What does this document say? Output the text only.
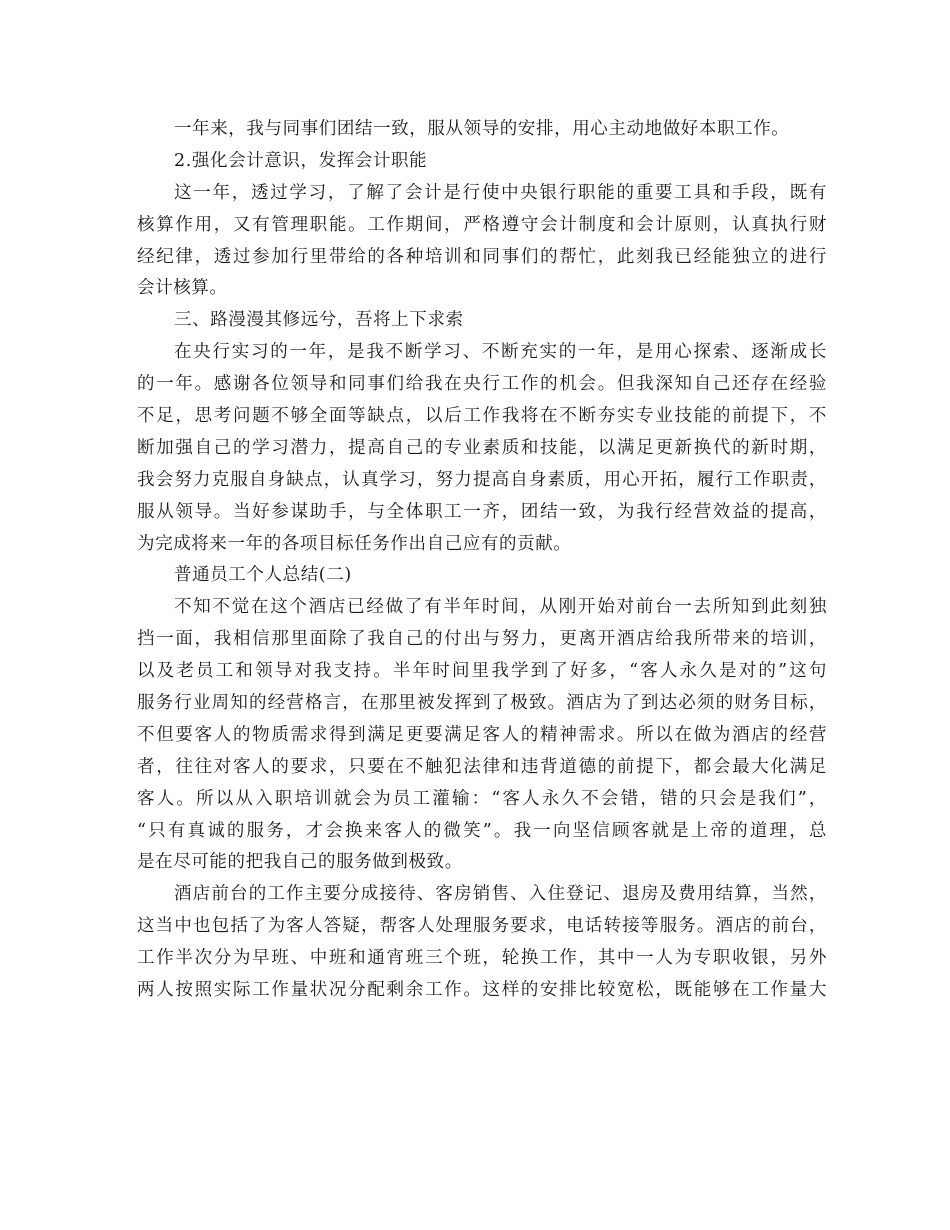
一年来，我与同事们团结一致，服从领导的安排，用心主动地做好本职工作。
2.强化会计意识，发挥会计职能
这一年，透过学习，了解了会计是行使中央银行职能的重要工具和手段，既有
核算作用，又有管理职能。工作期间，严格遵守会计制度和会计原则，认真执行财
经纪律，透过参加行里带给的各种培训和同事们的帮忙，此刻我已经能独立的进行
会计核算。
三、路漫漫其修远兮，吾将上下求索
在央行实习的一年，是我不断学习、不断充实的一年，是用心探索、逐渐成长
的一年。感谢各位领导和同事们给我在央行工作的机会。但我深知自己还存在经验
不足，思考问题不够全面等缺点，以后工作我将在不断夯实专业技能的前提下，不
断加强自己的学习潜力，提高自己的专业素质和技能，以满足更新换代的新时期，
我会努力克服自身缺点，认真学习，努力提高自身素质，用心开拓，履行工作职责，
服从领导。当好参谋助手，与全体职工一齐，团结一致，为我行经营效益的提高，
为完成将来一年的各项目标任务作出自己应有的贡献。
普通员工个人总结(二)
不知不觉在这个酒店已经做了有半年时间，从刚开始对前台一去所知到此刻独
挡一面，我相信那里面除了我自己的付出与努力，更离开酒店给我所带来的培训，
以及老员工和领导对我支持。半年时间里我学到了好多，“客人永久是对的”这句
服务行业周知的经营格言，在那里被发挥到了极致。酒店为了到达必须的财务目标，
不但要客人的物质需求得到满足更要满足客人的精神需求。所以在做为酒店的经营
者，往往对客人的要求，只要在不触犯法律和违背道德的前提下，都会最大化满足
客人。所以从入职培训就会为员工灌输：“客人永久不会错，错的只会是我们”，
“只有真诚的服务，才会换来客人的微笑”。我一向坚信顾客就是上帝的道理，总
是在尽可能的把我自己的服务做到极致。
酒店前台的工作主要分成接待、客房销售、入住登记、退房及费用结算，当然，
这当中也包括了为客人答疑，帮客人处理服务要求，电话转接等服务。酒店的前台，
工作半次分为早班、中班和通宵班三个班，轮换工作，其中一人为专职收银，另外
两人按照实际工作量状况分配剩余工作。这样的安排比较宽松，既能够在工作量大
